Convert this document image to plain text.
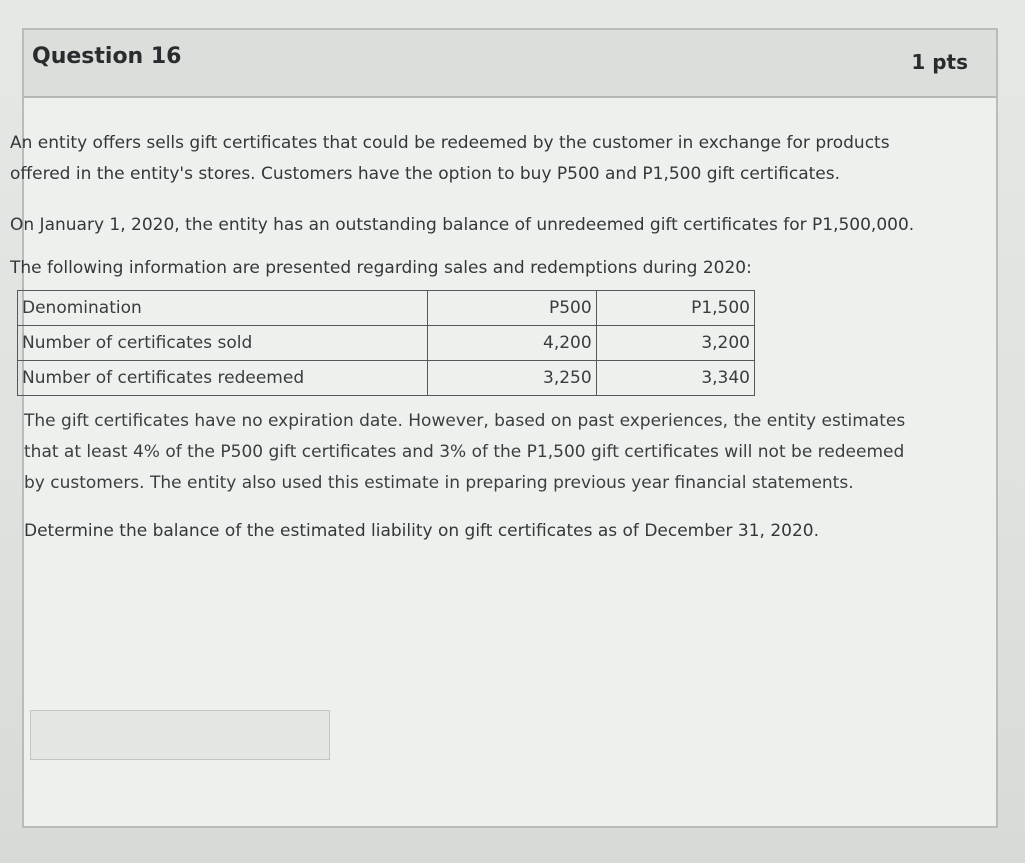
Question 16	1 pts

An entity offers sells gift certificates that could be redeemed by the customer in exchange for products offered in the entity's stores. Customers have the option to buy P500 and P1,500 gift certificates.

On January 1, 2020, the entity has an outstanding balance of unredeemed gift certificates for P1,500,000.

The following information are presented regarding sales and redemptions during 2020:

Denomination	P500	P1,500
Number of certificates sold	4,200	3,200
Number of certificates redeemed	3,250	3,340

The gift certificates have no expiration date. However, based on past experiences, the entity estimates that at least 4% of the P500 gift certificates and 3% of the P1,500 gift certificates will not be redeemed by customers. The entity also used this estimate in preparing previous year financial statements.

Determine the balance of the estimated liability on gift certificates as of December 31, 2020.
